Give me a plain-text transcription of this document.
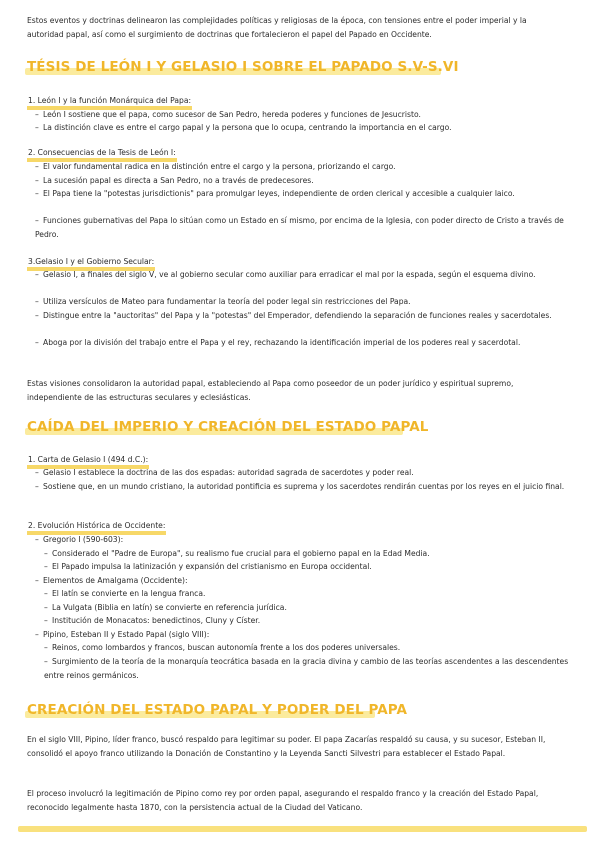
Estos eventos y doctrinas delinearon las complejidades políticas y religiosas de la época, con tensiones entre el poder imperial y la autoridad papal, así como el surgimiento de doctrinas que fortalecieron el papel del Papado en Occidente.

TÉSIS DE LEÓN I Y GELASIO I SOBRE EL PAPADO S.V-S.VI

1. León I y la función Monárquica del Papa:

– León I sostiene que el papa, como sucesor de San Pedro, hereda poderes y funciones de Jesucristo.

– La distinción clave es entre el cargo papal y la persona que lo ocupa, centrando la importancia en el cargo.

2. Consecuencias de la Tesis de León I:

– El valor fundamental radica en la distinción entre el cargo y la persona, priorizando el cargo.

– La sucesión papal es directa a San Pedro, no a través de predecesores.

– El Papa tiene la "potestas jurisdictionis" para promulgar leyes, independiente de orden clerical y accesible a cualquier laico.

– Funciones gubernativas del Papa lo sitúan como un Estado en sí mismo, por encima de la Iglesia, con poder directo de Cristo a través de Pedro.

3.Gelasio I y el Gobierno Secular:

– Gelasio I, a finales del siglo V, ve al gobierno secular como auxiliar para erradicar el mal por la espada, según el esquema divino.

– Utiliza versículos de Mateo para fundamentar la teoría del poder legal sin restricciones del Papa.

– Distingue entre la "auctoritas" del Papa y la "potestas" del Emperador, defendiendo la separación de funciones reales y sacerdotales.

– Aboga por la división del trabajo entre el Papa y el rey, rechazando la identificación imperial de los poderes real y sacerdotal.

Estas visiones consolidaron la autoridad papal, estableciendo al Papa como poseedor de un poder jurídico y espiritual supremo, independiente de las estructuras seculares y eclesiásticas.

CAÍDA DEL IMPERIO Y CREACIÓN DEL ESTADO PAPAL

1. Carta de Gelasio I (494 d.C.):

– Gelasio I establece la doctrina de las dos espadas: autoridad sagrada de sacerdotes y poder real.

– Sostiene que, en un mundo cristiano, la autoridad pontificia es suprema y los sacerdotes rendirán cuentas por los reyes en el juicio final.

2. Evolución Histórica de Occidente:

– Gregorio I (590-603):

– Considerado el "Padre de Europa", su realismo fue crucial para el gobierno papal en la Edad Media.

– El Papado impulsa la latinización y expansión del cristianismo en Europa occidental.

– Elementos de Amalgama (Occidente):

– El latín se convierte en la lengua franca.

– La Vulgata (Biblia en latín) se convierte en referencia jurídica.

– Institución de Monacatos: benedictinos, Cluny y Císter.

– Pipino, Esteban II y Estado Papal (siglo VIII):

– Reinos, como lombardos y francos, buscan autonomía frente a los dos poderes universales.

– Surgimiento de la teoría de la monarquía teocrática basada en la gracia divina y cambio de las teorías ascendentes a las descendentes entre reinos germánicos.

CREACIÓN DEL ESTADO PAPAL Y PODER DEL PAPA

En el siglo VIII, Pipino, líder franco, buscó respaldo para legitimar su poder. El papa Zacarías respaldó su causa, y su sucesor, Esteban II, consolidó el apoyo franco utilizando la Donación de Constantino y la Leyenda Sancti Silvestri para establecer el Estado Papal.

El proceso involucró la legitimación de Pipino como rey por orden papal, asegurando el respaldo franco y la creación del Estado Papal, reconocido legalmente hasta 1870, con la persistencia actual de la Ciudad del Vaticano.
